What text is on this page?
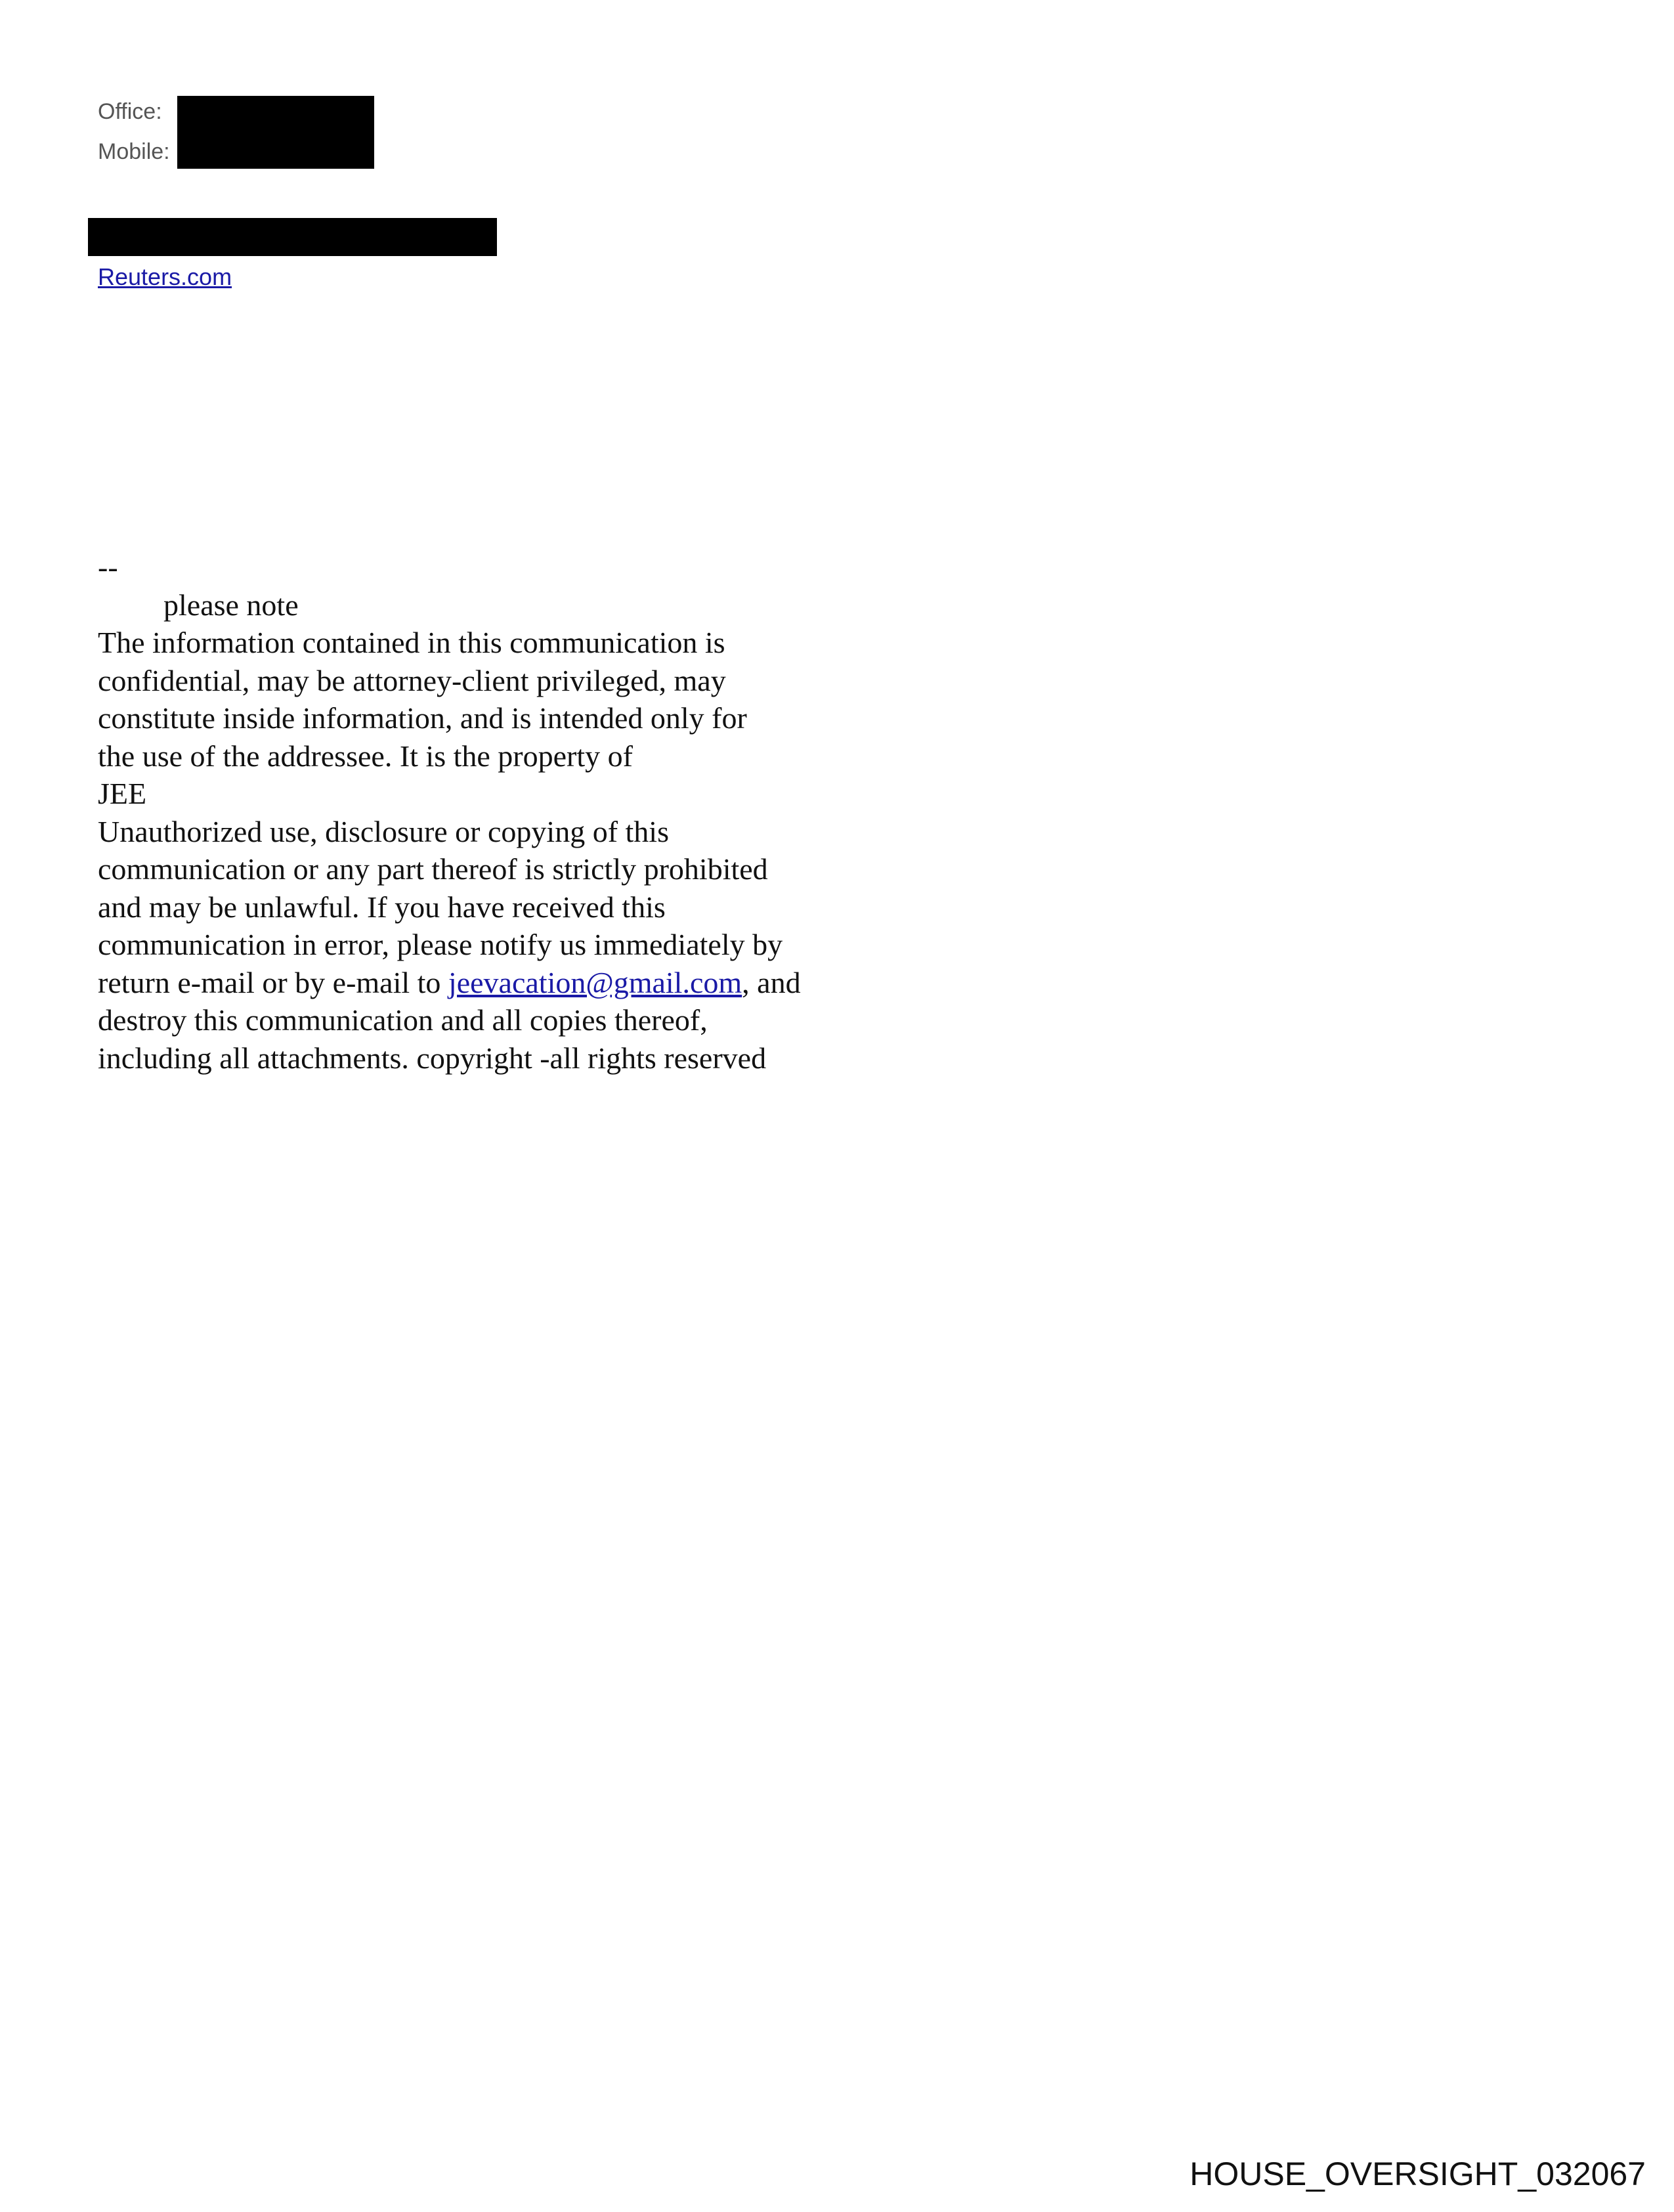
Office:
Mobile:
Reuters.com
--
please note
The information contained in this communication is
confidential, may be attorney-client privileged, may
constitute inside information, and is intended only for
the use of the addressee. It is the property of
JEE
Unauthorized use, disclosure or copying of this
communication or any part thereof is strictly prohibited
and may be unlawful. If you have received this
communication in error, please notify us immediately by
return e-mail or by e-mail to jeevacation@gmail.com, and
destroy this communication and all copies thereof,
including all attachments. copyright -all rights reserved
HOUSE_OVERSIGHT_032067
